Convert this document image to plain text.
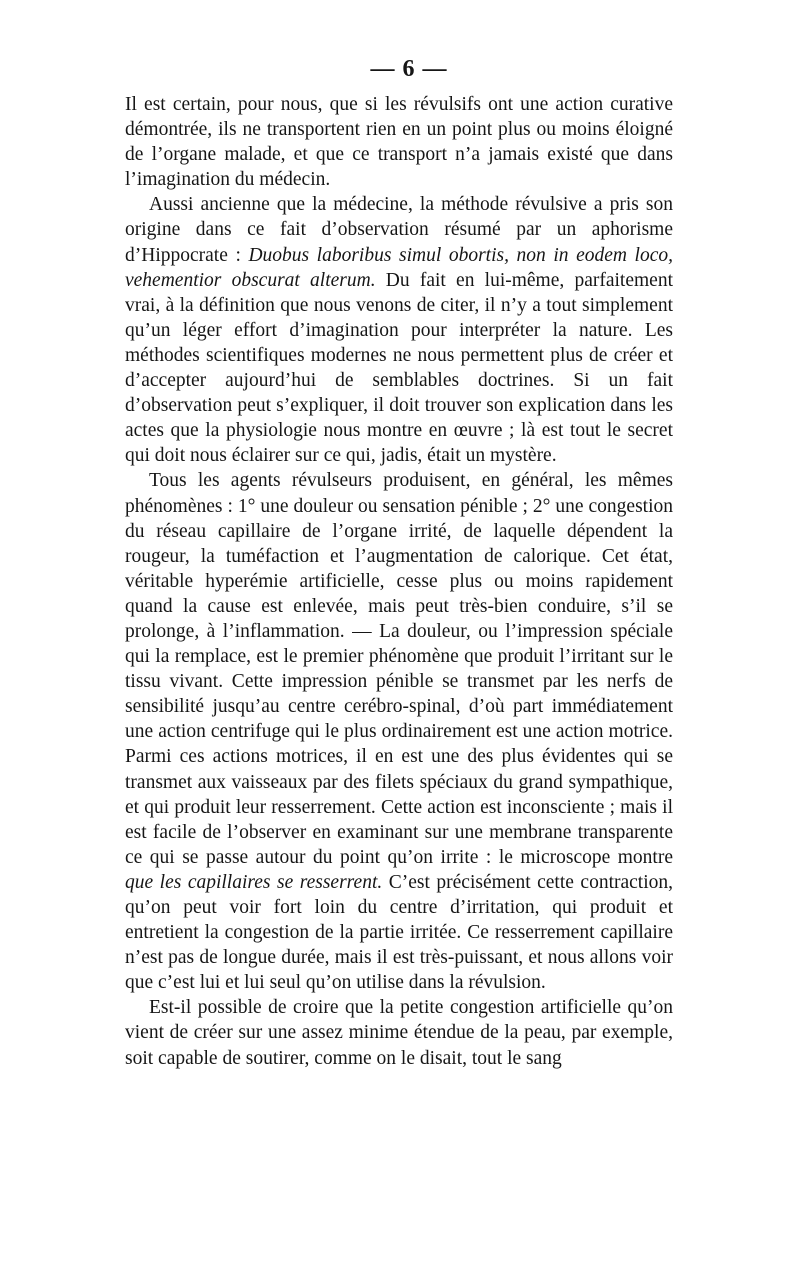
— 6 —

Il est certain, pour nous, que si les révulsifs ont une action curative démontrée, ils ne transportent rien en un point plus ou moins éloigné de l’organe malade, et que ce transport n’a jamais existé que dans l’imagination du médecin.

Aussi ancienne que la médecine, la méthode révulsive a pris son origine dans ce fait d’observation résumé par un aphorisme d’Hippocrate : Duobus laboribus simul obortis, non in eodem loco, vehementior obscurat alterum. Du fait en lui-même, parfaitement vrai, à la définition que nous venons de citer, il n’y a tout simplement qu’un léger effort d’imagination pour interpréter la nature. Les méthodes scientifiques modernes ne nous permettent plus de créer et d’accepter aujourd’hui de semblables doctrines. Si un fait d’observation peut s’expliquer, il doit trouver son explication dans les actes que la physiologie nous montre en œuvre ; là est tout le secret qui doit nous éclairer sur ce qui, jadis, était un mystère.

Tous les agents révulseurs produisent, en général, les mêmes phénomènes : 1° une douleur ou sensation pénible ; 2° une congestion du réseau capillaire de l’organe irrité, de laquelle dépendent la rougeur, la tuméfaction et l’augmentation de calorique. Cet état, véritable hyperémie artificielle, cesse plus ou moins rapidement quand la cause est enlevée, mais peut très-bien conduire, s’il se prolonge, à l’inflammation. — La douleur, ou l’impression spéciale qui la remplace, est le premier phénomène que produit l’irritant sur le tissu vivant. Cette impression pénible se transmet par les nerfs de sensibilité jusqu’au centre cerébro-spinal, d’où part immédiatement une action centrifuge qui le plus ordinairement est une action motrice. Parmi ces actions motrices, il en est une des plus évidentes qui se transmet aux vaisseaux par des filets spéciaux du grand sympathique, et qui produit leur resserrement. Cette action est inconsciente ; mais il est facile de l’observer en examinant sur une membrane transparente ce qui se passe autour du point qu’on irrite : le microscope montre que les capillaires se resserrent. C’est précisément cette contraction, qu’on peut voir fort loin du centre d’irritation, qui produit et entretient la congestion de la partie irritée. Ce resserrement capillaire n’est pas de longue durée, mais il est très-puissant, et nous allons voir que c’est lui et lui seul qu’on utilise dans la révulsion.

Est-il possible de croire que la petite congestion artificielle qu’on vient de créer sur une assez minime étendue de la peau, par exemple, soit capable de soutirer, comme on le disait, tout le sang
